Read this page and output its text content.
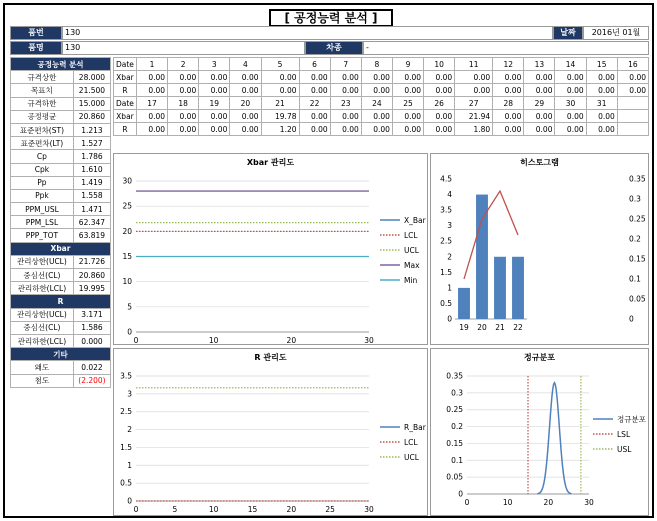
[ 공정능력 분석 ]
품번	130	날짜	2016년 01월
품명	130	차종	-
공정능력 분석	
규격상한	28.000
목표치	21.500
규격하한	15.000
공정평균	20.860
표준편차(ST)	1.213
표준편차(LT)	1.527
Cp	1.786
Cpk	1.610
Pp	1.419
Ppk	1.558
PPM_USL	1.471
PPM_LSL	62.347
PPP_TOT	63.819
Xbar	
관리상한(UCL)	21.726
중심선(CL)	20.860
관리하한(LCL)	19.995
R	
관리상한(UCL)	3.171
중심선(CL)	1.586
관리하한(LCL)	0.000
기타	
왜도	0.022
첨도	(2.200)
Date	1	2	3	4	5	6	7	8	9	10	11	12	13	14	15	16
Xbar	0.00	0.00	0.00	0.00	0.00	0.00	0.00	0.00	0.00	0.00	0.00	0.00	0.00	0.00	0.00	0.00
R	0.00	0.00	0.00	0.00	0.00	0.00	0.00	0.00	0.00	0.00	0.00	0.00	0.00	0.00	0.00	0.00
Date	17	18	19	20	21	22	23	24	25	26	27	28	29	30	31	
Xbar	0.00	0.00	0.00	0.00	19.78	0.00	0.00	0.00	0.00	0.00	21.94	0.00	0.00	0.00	0.00	
R	0.00	0.00	0.00	0.00	1.20	0.00	0.00	0.00	0.00	0.00	1.80	0.00	0.00	0.00	0.00	
Xbar 관리도
0
5
10
15
20
25
30
0	10	20	30
X_Bar
LCL
UCL
Max
Min
히스토그램
0
0.5
1
1.5
2
2.5
3
3.5
4
4.5
0
0.05
0.1
0.15
0.2
0.25
0.3
0.35
19 20 21 22
R 관리도
0
0.5
1
1.5
2
2.5
3
3.5
0	5	10	15	20	25	30
R_Bar
LCL
UCL
정규분포
0
0.05
0.1
0.15
0.2
0.25
0.3
0.35
0	10	20	30
정규분포
LSL
USL
